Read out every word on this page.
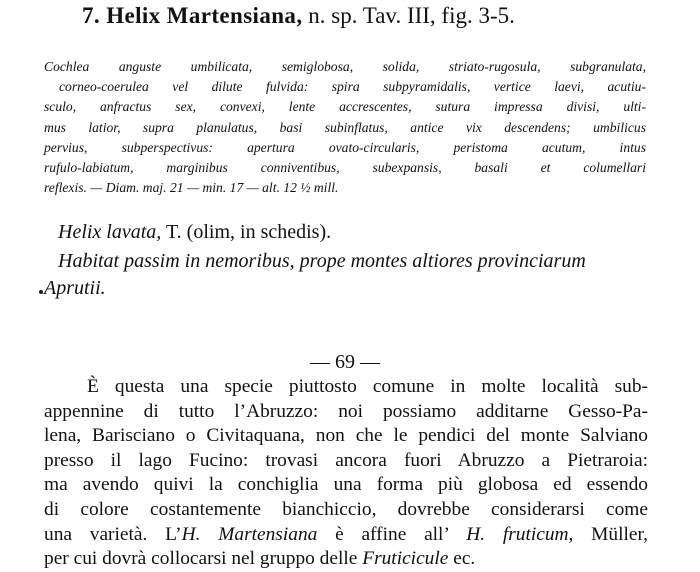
7. Helix Martensiana, n. sp. Tav. III, fig. 3-5.
Cochlea anguste umbilicata, semiglobosa, solida, striato-rugosula, subgranulata,
corneo-coerulea vel dilute fulvida: spira subpyramidalis, vertice laevi, acutiu-
sculo, anfractus sex, convexi, lente accrescentes, sutura impressa divisi, ulti-
mus latior, supra planulatus, basi subinflatus, antice vix descendens; umbilicus
pervius, subperspectivus: apertura ovato-circularis, peristoma acutum, intus
rufulo-labiatum, marginibus conniventibus, subexpansis, basali et columellari
reflexis. — Diam. maj. 21 — min. 17 — alt. 12 ½ mill.
Helix lavata, T. (olim, in schedis).
Habitat passim in nemoribus, prope montes altiores provinciarum
Aprutii.
— 69 —
È questa una specie piuttosto comune in molte località sub-
appennine di tutto l’Abruzzo: noi possiamo additarne Gesso-Pa-
lena, Barisciano o Civitaquana, non che le pendici del monte Salviano
presso il lago Fucino: trovasi ancora fuori Abruzzo a Pietraroia:
ma avendo quivi la conchiglia una forma più globosa ed essendo
di colore costantemente bianchiccio, dovrebbe considerarsi come
una varietà. L’H. Martensiana è affine all’ H. fruticum, Müller,
per cui dovrà collocarsi nel gruppo delle Fruticicule ec.
